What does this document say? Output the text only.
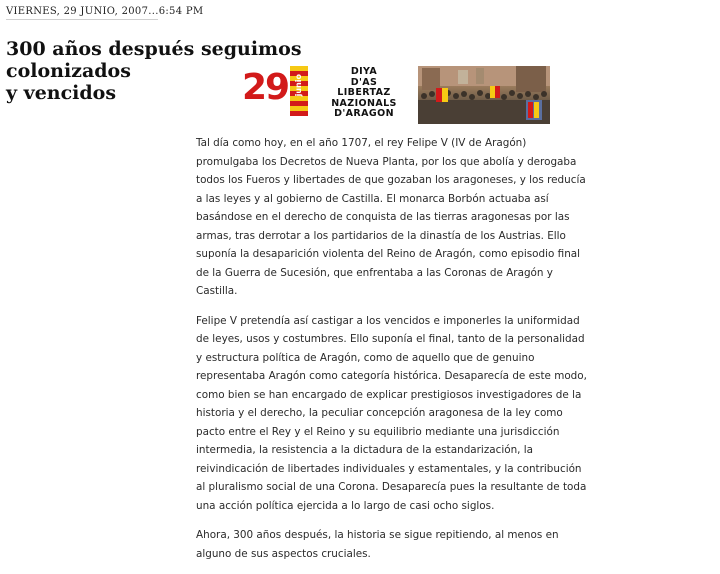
VIERNES, 29 JUNIO, 2007...6:54 PM
300 años después seguimos colonizados
y vencidos	29 junio
DIYA
D'AS
LIBERTAZ
NAZIONALS
D'ARAGON

Tal día como hoy, en el año 1707, el rey Felipe V (IV de Aragón) promulgaba los Decretos de Nueva Planta, por los que abolía y derogaba todos los Fueros y libertades de que gozaban los aragoneses, y los reducía a las leyes y al gobierno de Castilla. El monarca Borbón actuaba así basándose en el derecho de conquista de las tierras aragonesas por las armas, tras derrotar a los partidarios de la dinastía de los Austrias. Ello suponía la desaparición violenta del Reino de Aragón, como episodio final de la Guerra de Sucesión, que enfrentaba a las Coronas de Aragón y Castilla.

Felipe V pretendía así castigar a los vencidos e imponerles la uniformidad de leyes, usos y costumbres. Ello suponía el final, tanto de la personalidad y estructura política de Aragón, como de aquello que de genuino representaba Aragón como categoría histórica. Desaparecía de este modo, como bien se han encargado de explicar prestigiosos investigadores de la historia y el derecho, la peculiar concepción aragonesa de la ley como pacto entre el Rey y el Reino y su equilibrio mediante una jurisdicción intermedia, la resistencia a la dictadura de la estandarización, la reivindicación de libertades individuales y estamentales, y la contribución al pluralismo social de una Corona. Desaparecía pues la resultante de toda una acción política ejercida a lo largo de casi ocho siglos.

Ahora, 300 años después, la historia se sigue repitiendo, al menos en alguno de sus aspectos cruciales.
